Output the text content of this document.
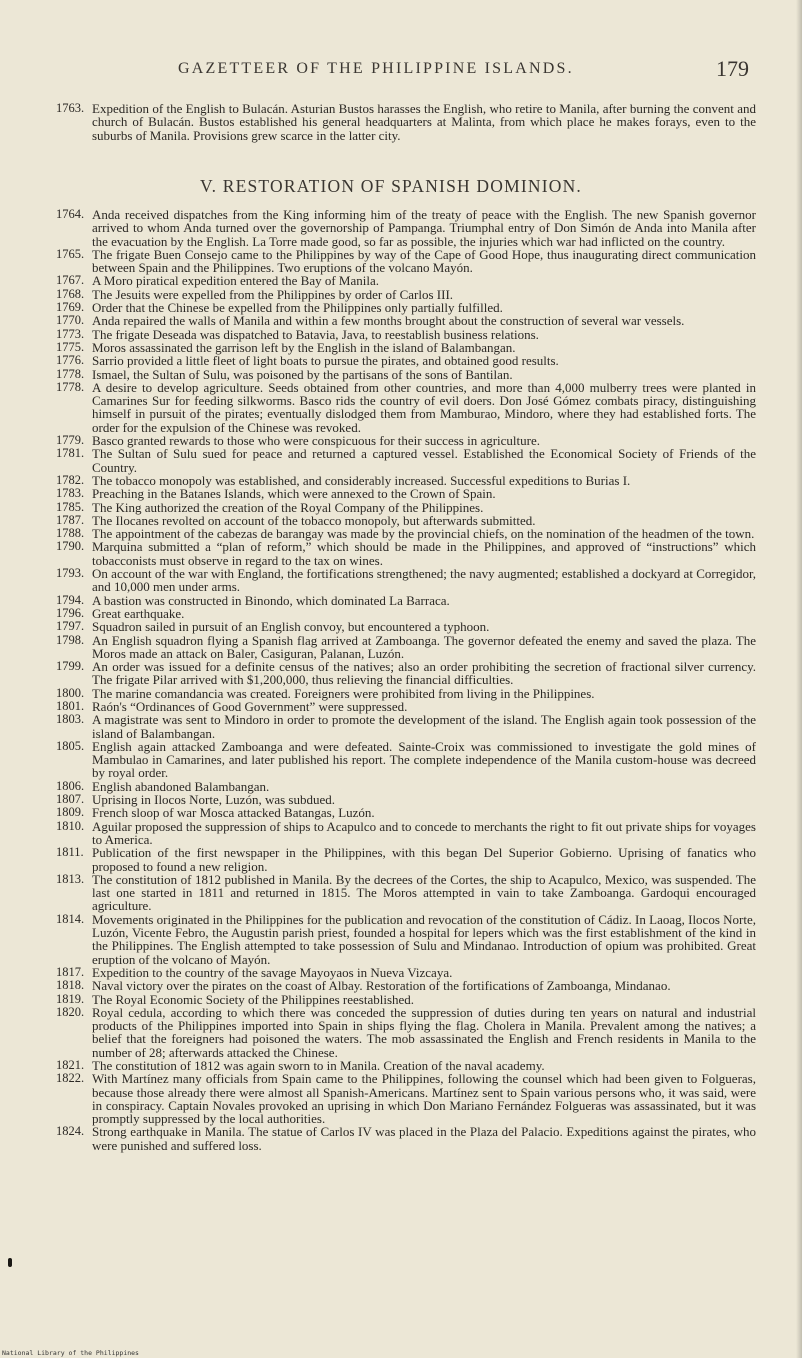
GAZETTEER OF THE PHILIPPINE ISLANDS.	179
1763. Expedition of the English to Bulacán. Asturian Bustos harasses the English, who retire to Manila, after burning the convent and church of Bulacán. Bustos established his general headquarters at Malinta, from which place he makes forays, even to the suburbs of Manila. Provisions grew scarce in the latter city.
V. RESTORATION OF SPANISH DOMINION.
1764. Anda received dispatches from the King informing him of the treaty of peace with the English. The new Spanish governor arrived to whom Anda turned over the governorship of Pampanga. Triumphal entry of Don Simón de Anda into Manila after the evacuation by the English. La Torre made good, so far as possible, the injuries which war had inflicted on the country.
1765. The frigate Buen Consejo came to the Philippines by way of the Cape of Good Hope, thus inaugurating direct communication between Spain and the Philippines. Two eruptions of the volcano Mayón.
1767. A Moro piratical expedition entered the Bay of Manila.
1768. The Jesuits were expelled from the Philippines by order of Carlos III.
1769. Order that the Chinese be expelled from the Philippines only partially fulfilled.
1770. Anda repaired the walls of Manila and within a few months brought about the construction of several war vessels.
1773. The frigate Deseada was dispatched to Batavia, Java, to reestablish business relations.
1775. Moros assassinated the garrison left by the English in the island of Balambangan.
1776. Sarrio provided a little fleet of light boats to pursue the pirates, and obtained good results.
1778. Ismael, the Sultan of Sulu, was poisoned by the partisans of the sons of Bantilan.
1778. A desire to develop agriculture. Seeds obtained from other countries, and more than 4,000 mulberry trees were planted in Camarines Sur for feeding silkworms. Basco rids the country of evil doers. Don José Gómez combats piracy, distinguishing himself in pursuit of the pirates; eventually dislodged them from Mamburao, Mindoro, where they had established forts. The order for the expulsion of the Chinese was revoked.
1779. Basco granted rewards to those who were conspicuous for their success in agriculture.
1781. The Sultan of Sulu sued for peace and returned a captured vessel. Established the Economical Society of Friends of the Country.
1782. The tobacco monopoly was established, and considerably increased. Successful expeditions to Burias I.
1783. Preaching in the Batanes Islands, which were annexed to the Crown of Spain.
1785. The King authorized the creation of the Royal Company of the Philippines.
1787. The Ilocanes revolted on account of the tobacco monopoly, but afterwards submitted.
1788. The appointment of the cabezas de barangay was made by the provincial chiefs, on the nomination of the headmen of the town.
1790. Marquina submitted a “plan of reform,” which should be made in the Philippines, and approved of “instructions” which tobacconists must observe in regard to the tax on wines.
1793. On account of the war with England, the fortifications strengthened; the navy augmented; established a dockyard at Corregidor, and 10,000 men under arms.
1794. A bastion was constructed in Binondo, which dominated La Barraca.
1796. Great earthquake.
1797. Squadron sailed in pursuit of an English convoy, but encountered a typhoon.
1798. An English squadron flying a Spanish flag arrived at Zamboanga. The governor defeated the enemy and saved the plaza. The Moros made an attack on Baler, Casiguran, Palanan, Luzón.
1799. An order was issued for a definite census of the natives; also an order prohibiting the secretion of fractional silver currency. The frigate Pilar arrived with $1,200,000, thus relieving the financial difficulties.
1800. The marine comandancia was created. Foreigners were prohibited from living in the Philippines.
1801. Raón's “Ordinances of Good Government” were suppressed.
1803. A magistrate was sent to Mindoro in order to promote the development of the island. The English again took possession of the island of Balambangan.
1805. English again attacked Zamboanga and were defeated. Sainte-Croix was commissioned to investigate the gold mines of Mambulao in Camarines, and later published his report. The complete independence of the Manila custom-house was decreed by royal order.
1806. English abandoned Balambangan.
1807. Uprising in Ilocos Norte, Luzón, was subdued.
1809. French sloop of war Mosca attacked Batangas, Luzón.
1810. Aguilar proposed the suppression of ships to Acapulco and to concede to merchants the right to fit out private ships for voyages to America.
1811. Publication of the first newspaper in the Philippines, with this began Del Superior Gobierno. Uprising of fanatics who proposed to found a new religion.
1813. The constitution of 1812 published in Manila. By the decrees of the Cortes, the ship to Acapulco, Mexico, was suspended. The last one started in 1811 and returned in 1815. The Moros attempted in vain to take Zamboanga. Gardoqui encouraged agriculture.
1814. Movements originated in the Philippines for the publication and revocation of the constitution of Cádiz. In Laoag, Ilocos Norte, Luzón, Vicente Febro, the Augustin parish priest, founded a hospital for lepers which was the first establishment of the kind in the Philippines. The English attempted to take possession of Sulu and Mindanao. Introduction of opium was prohibited. Great eruption of the volcano of Mayón.
1817. Expedition to the country of the savage Mayoyaos in Nueva Vizcaya.
1818. Naval victory over the pirates on the coast of Albay. Restoration of the fortifications of Zamboanga, Mindanao.
1819. The Royal Economic Society of the Philippines reestablished.
1820. Royal cedula, according to which there was conceded the suppression of duties during ten years on natural and industrial products of the Philippines imported into Spain in ships flying the flag. Cholera in Manila. Prevalent among the natives; a belief that the foreigners had poisoned the waters. The mob assassinated the English and French residents in Manila to the number of 28; afterwards attacked the Chinese.
1821. The constitution of 1812 was again sworn to in Manila. Creation of the naval academy.
1822. With Martínez many officials from Spain came to the Philippines, following the counsel which had been given to Folgueras, because those already there were almost all Spanish-Americans. Martínez sent to Spain various persons who, it was said, were in conspiracy. Captain Novales provoked an uprising in which Don Mariano Fernández Folgueras was assassinated, but it was promptly suppressed by the local authorities.
1824. Strong earthquake in Manila. The statue of Carlos IV was placed in the Plaza del Palacio. Expeditions against the pirates, who were punished and suffered loss.
National Library of the Philippines
